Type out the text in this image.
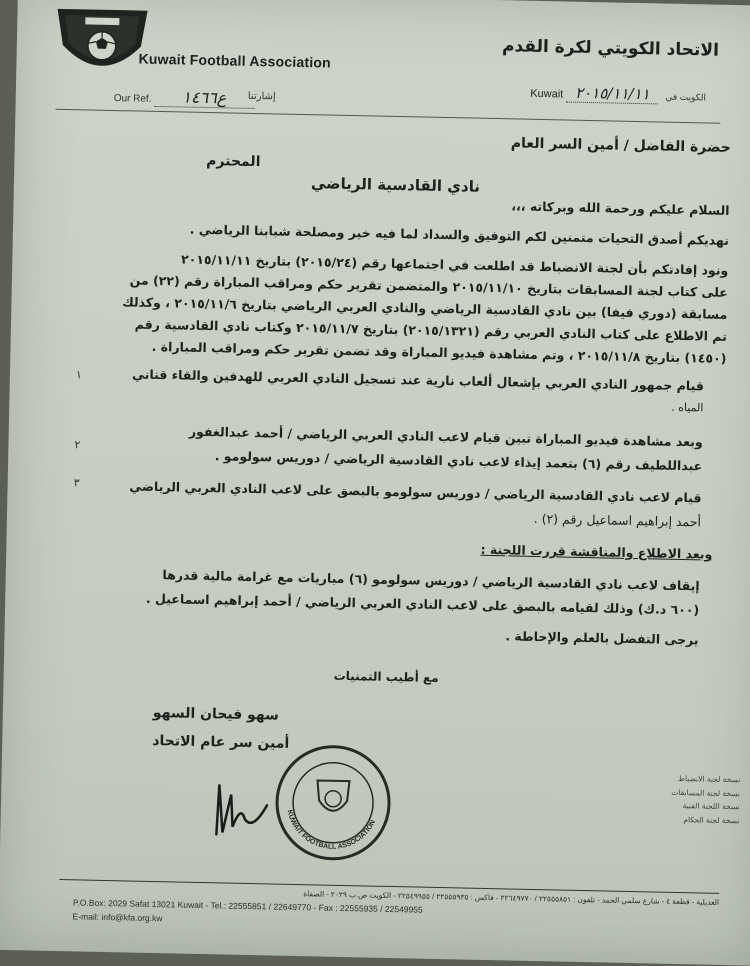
Kuwait Football Association	الاتحاد الكويتي لكرة القدم
Our Ref. ع١٤٦٦	إشارتنا	Kuwait ٢٠١٥/١١/١١ الكويت في
حضرة الفاضل / أمين السر العام
المحترم
نادي القادسية الرياضي
السلام عليكم ورحمة الله وبركاته ،،،
نهديكم أصدق التحيات متمنين لكم التوفيق والسداد لما فيه خير ومصلحة شبابنا الرياضي .
ونود إفادتكم بأن لجنة الانضباط قد اطلعت في اجتماعها رقم (٢٠١٥/٢٤) بتاريخ ٢٠١٥/١١/١١
على كتاب لجنة المسابقات بتاريخ ٢٠١٥/١١/١٠ والمتضمن تقرير حكم ومراقب المباراة رقم (٢٢) من
مسابقة (دوري فيفا) بين نادي القادسية الرياضي والنادي العربي الرياضي بتاريخ ٢٠١٥/١١/٦ ، وكذلك
تم الاطلاع على كتاب النادي العربي رقم (٢٠١٥/١٣٢١) بتاريخ ٢٠١٥/١١/٧ وكتاب نادي القادسية رقم
(١٤٥٠) بتاريخ ٢٠١٥/١١/٨ ، وتم مشاهدة فيديو المباراة وقد تضمن تقرير حكم ومراقب المباراة .
١	قيام جمهور النادي العربي بإشعال ألعاب نارية عند تسجيل النادي العربي للهدفين والقاء قناني
المياه .
وبعد مشاهدة فيديو المباراة تبين قيام لاعب النادي العربي الرياضي / أحمد عبدالغفور
٢
عبداللطيف رقم (٦) بتعمد إيذاء لاعب نادي القادسية الرياضي / دوريس سولومو .
٣	قيام لاعب نادي القادسية الرياضي / دوريس سولومو بالبصق على لاعب النادي العربي الرياضي
أحمد إبراهيم اسماعيل رقم (٢) .
وبعد الاطلاع والمناقشة قررت اللجنة :
إيقاف لاعب نادي القادسية الرياضي / دوريس سولومو (٦) مباريات مع غرامة مالية قدرها
(٦٠٠ د.ك) وذلك لقيامه بالبصق على لاعب النادي العربي الرياضي / أحمد إبراهيم اسماعيل .
يرجى التفضل بالعلم والإحاطة .
مع أطيب التمنيات
سهو فيحان السهو
أمين سر عام الاتحاد
KUWAIT FOOTBALL ASSOCIATION
نسخة لجنة الانضباط
نسخة لجنة المسابقات
نسخة اللجنة الفنية
نسخة لجنة الحكام
العديلية - قطعة ٤ - شارع سلمي الحمد - تلفون : ٢٢٥٥٥٨٥١ / ٢٢٦٤٩٧٧٠ - فاكس : ٢٢٥٥٥٩٣٥ / ٢٢٥٤٩٩٥٥ - الكويت ص.ب ٢٠٢٩ - الصفاة
P.O.Box: 2029 Safat 13021 Kuwait - Tel.: 22555851 / 22649770 - Fax : 22555935 / 22549955
E-mail: info@kfa.org.kw
